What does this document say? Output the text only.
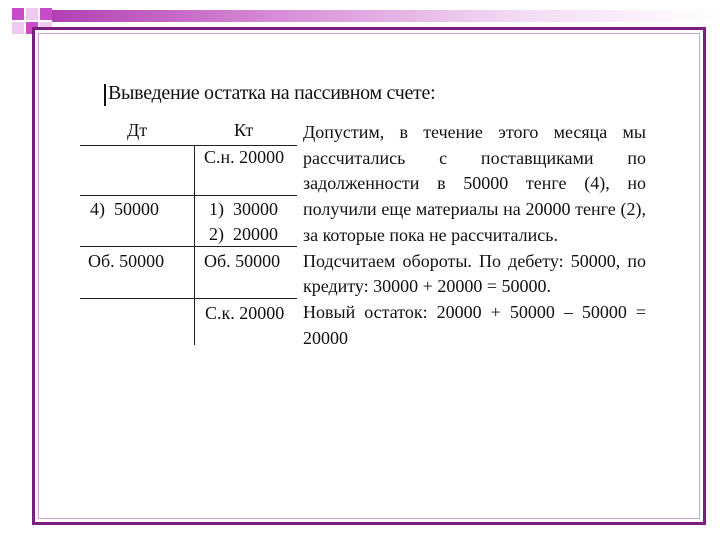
Выведение остатка на пассивном счете:
Дт	Кт
С.н. 20000
4)  50000	1)  30000
2)  20000
Об. 50000 Об. 50000
С.к. 20000

Допустим, в течение этого месяца мы рассчитались с поставщиками по задолженности в 50000 тенге (4), но получили еще материалы на 20000 тенге (2), за которые пока не рассчитались.

Подсчитаем обороты. По дебету: 50000, по кредиту: 30000 + 20000 = 50000.

Новый остаток: 20000 + 50000 – 50000 = 20000
